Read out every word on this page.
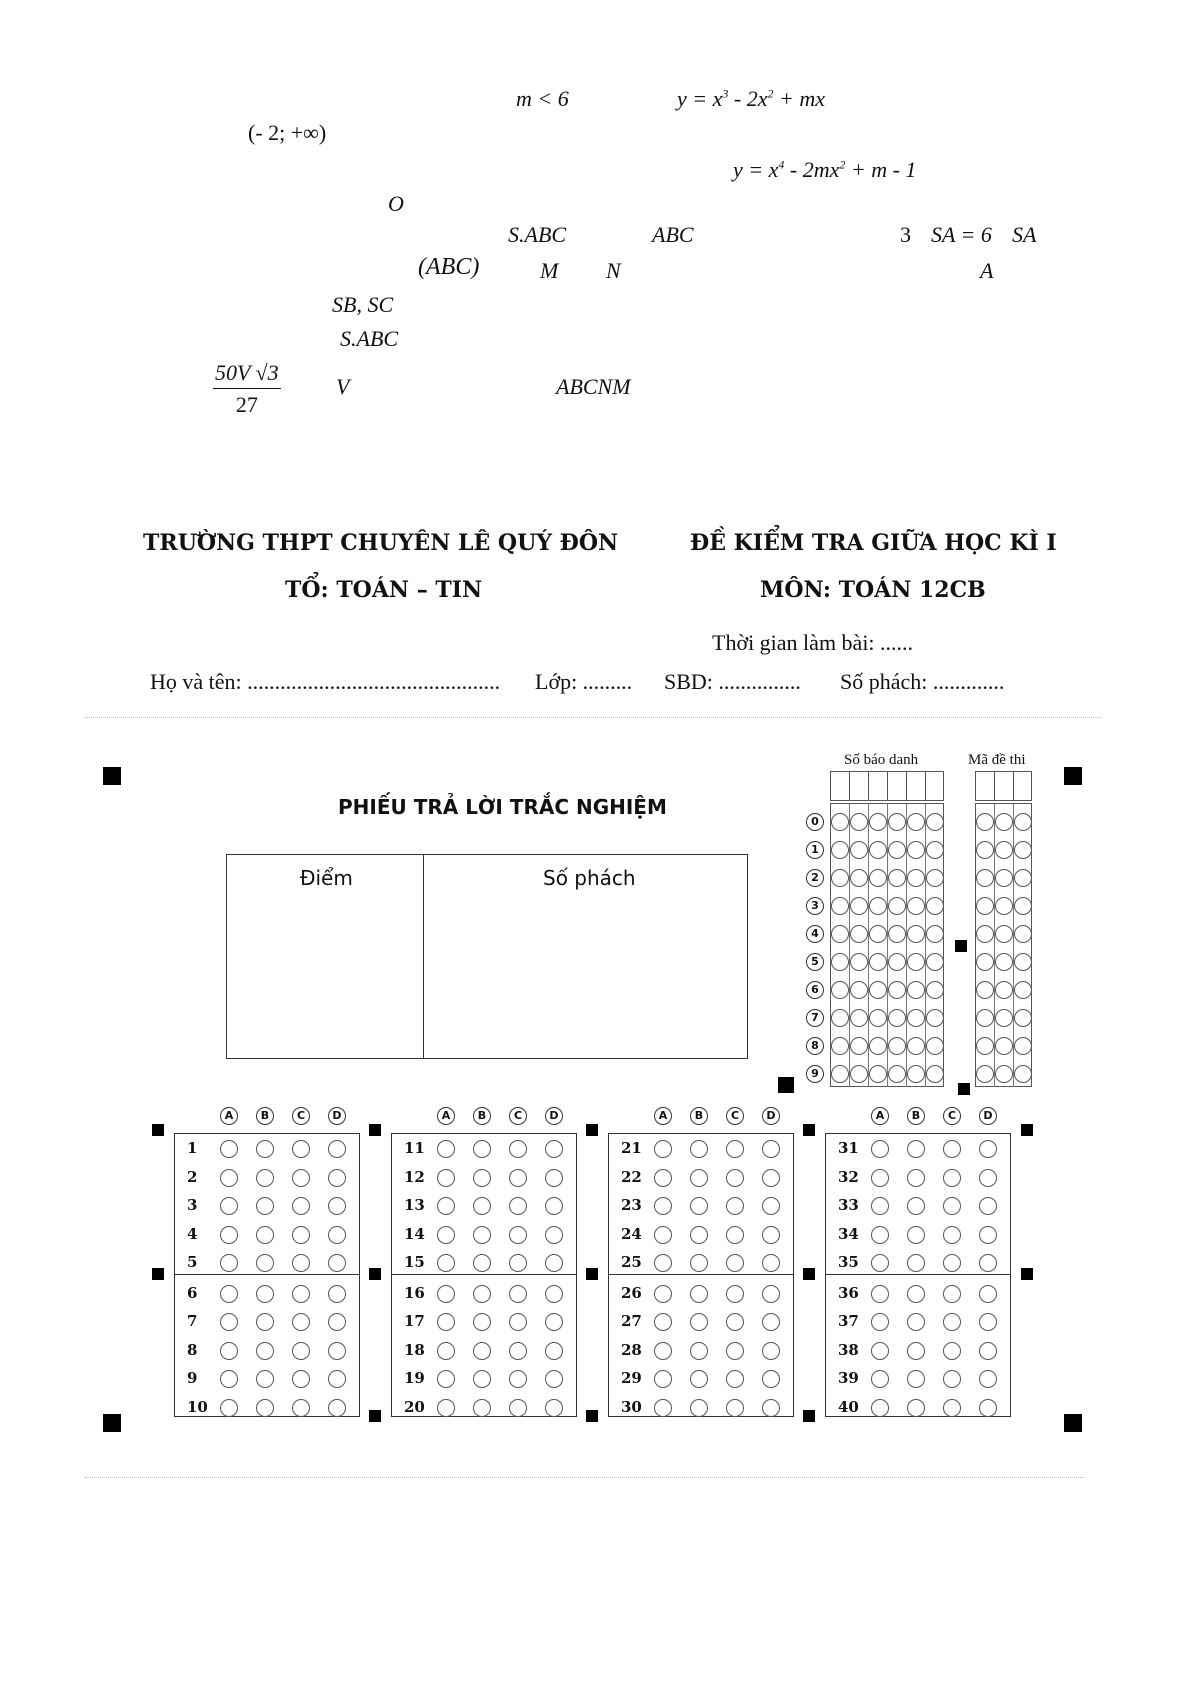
m < 6	$y = x^3 - 2x^2$ + mx
(- 2; +∞)
$y = x^4 - 2mx^2 + m - 1$
O
S.ABC	ABC	3 SA = 6 SA
(ABC)	M N	A
SB, SC
S.ABC
$\frac{50V √3}{27}$	V	ABCNM
TRƯỜNG THPT CHUYÊN LÊ QUÝ ĐÔN
TỔ: TOÁN – TIN
ĐỀ KIỂM TRA GIỮA HỌC KÌ I
MÔN: TOÁN 12CB
Thời gian làm bài: ......
Họ và tên: .............................................. Lớp: ......... SBD: ............... Số phách: .............
PHIẾU TRẢ LỜI TRẮC NGHIỆM
Điểm	Số phách
Số báo danh	Mã đề thi
0
1
2
3
4
5
6
7
8
9
A	B	C	D
1
2
3
4
5
6
7
8
9
10
A	B	C	D
11
12
13
14
15
16
17
18
19
20
A	B	C	D
21
22
23
24
25
26
27
28
29
30
A	B	C	D
31
32
33
34
35
36
37
38
39
40
